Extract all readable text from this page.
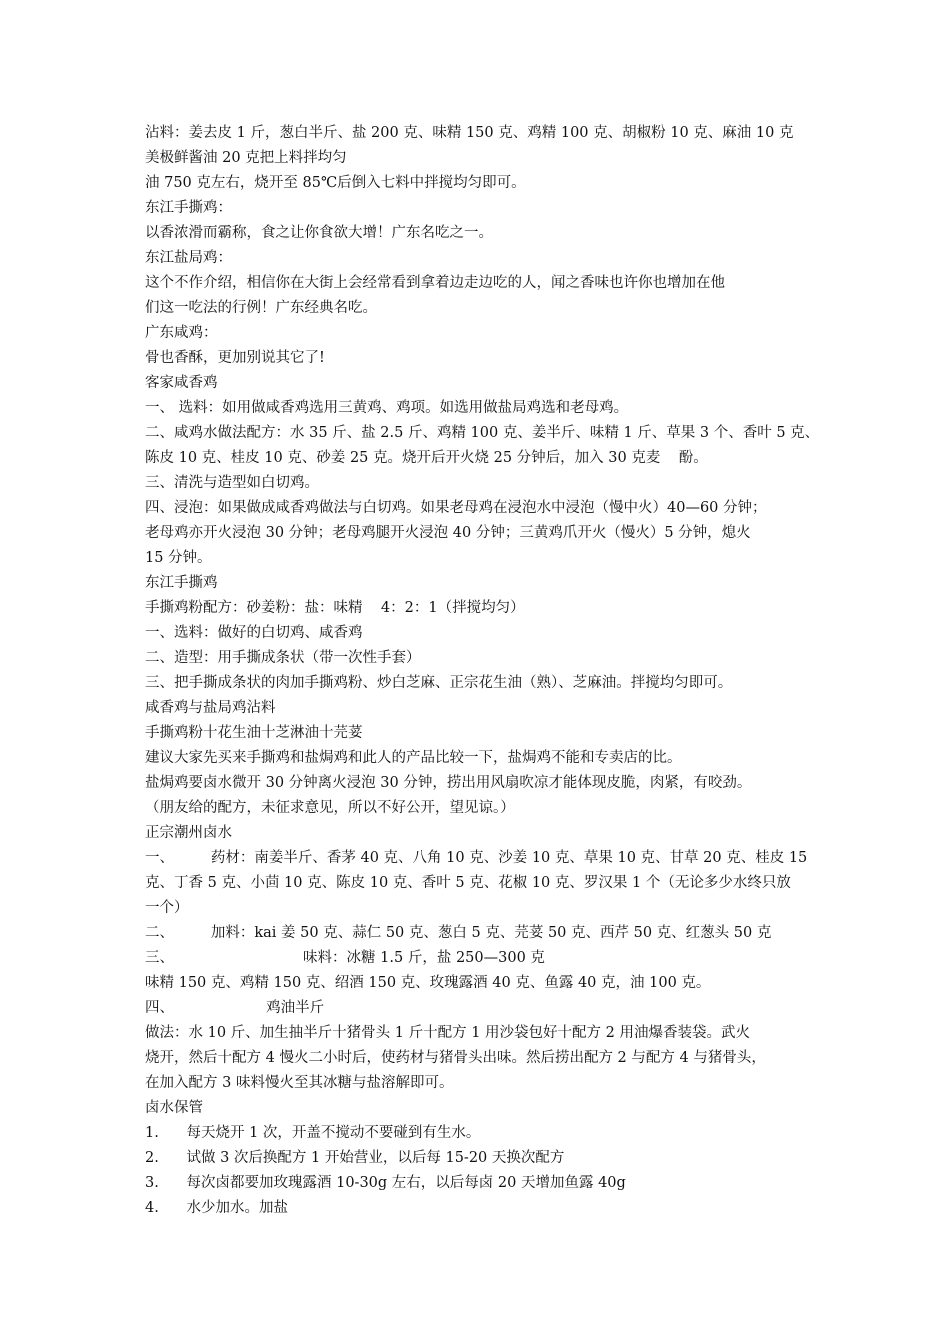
沾料：姜去皮 1 斤，葱白半斤、盐 200 克、味精 150 克、鸡精 100 克、胡椒粉 10 克、麻油 10 克
美极鲜酱油 20 克把上料拌均匀
油 750 克左右，烧开至 85℃后倒入七料中拌搅均匀即可。
东江手撕鸡：
以香浓滑而霸称，食之让你食欲大增！广东名吃之一。
东江盐局鸡：
这个不作介绍，相信你在大街上会经常看到拿着边走边吃的人，闻之香味也许你也增加在他
们这一吃法的行例！广东经典名吃。
广东咸鸡：
骨也香酥，更加别说其它了!
客家咸香鸡
一、 选料：如用做咸香鸡选用三黄鸡、鸡项。如选用做盐局鸡选和老母鸡。
二、咸鸡水做法配方：水 35 斤、盐 2.5 斤、鸡精 100 克、姜半斤、味精 1 斤、草果 3 个、香叶 5 克、
陈皮 10 克、桂皮 10 克、砂姜 25 克。烧开后开火烧 25 分钟后，加入 30 克麦    酚。
三、清洗与造型如白切鸡。
四、浸泡：如果做成咸香鸡做法与白切鸡。如果老母鸡在浸泡水中浸泡（慢中火）40—60 分钟；
老母鸡亦开火浸泡 30 分钟；老母鸡腿开火浸泡 40 分钟；三黄鸡爪开火（慢火）5 分钟，熄火
15 分钟。
东江手撕鸡
手撕鸡粉配方：砂姜粉：盐：味精    4：2：1（拌搅均匀）
一、选料：做好的白切鸡、咸香鸡
二、造型：用手撕成条状（带一次性手套）
三、把手撕成条状的肉加手撕鸡粉、炒白芝麻、正宗花生油（熟）、芝麻油。拌搅均匀即可。
咸香鸡与盐局鸡沾料
手撕鸡粉十花生油十芝淋油十芫荽
建议大家先买来手撕鸡和盐焗鸡和此人的产品比较一下，盐焗鸡不能和专卖店的比。
盐焗鸡要卤水微开 30 分钟离火浸泡 30 分钟，捞出用风扇吹凉才能体现皮脆，肉紧，有咬劲。
（朋友给的配方，未征求意见，所以不好公开，望见谅。）
正宗潮州卤水
一、        药材：南姜半斤、香茅 40 克、八角 10 克、沙姜 10 克、草果 10 克、甘草 20 克、桂皮 15
克、丁香 5 克、小茴 10 克、陈皮 10 克、香叶 5 克、花椒 10 克、罗汉果 1 个（无论多少水终只放
一个）
二、        加料：kai 姜 50 克、蒜仁 50 克、葱白 5 克、芫荽 50 克、西芹 50 克、红葱头 50 克
三、                            味料：冰糖 1.5 斤，盐 250—300 克
味精 150 克、鸡精 150 克、绍酒 150 克、玫瑰露酒 40 克、鱼露 40 克，油 100 克。
四、                    鸡油半斤
做法：水 10 斤、加生抽半斤十猪骨头 1 斤十配方 1 用沙袋包好十配方 2 用油爆香装袋。武火
烧开，然后十配方 4 慢火二小时后，使药材与猪骨头出味。然后捞出配方 2 与配方 4 与猪骨头，
在加入配方 3 味料慢火至其冰糖与盐溶解即可。
卤水保管
1.      每天烧开 1 次，开盖不搅动不要碰到有生水。
2.      试做 3 次后换配方 1 开始营业，以后每 15-20 天换次配方
3.      每次卤都要加玫瑰露酒 10-30g 左右，以后每卤 20 天增加鱼露 40g
4.      水少加水。加盐
